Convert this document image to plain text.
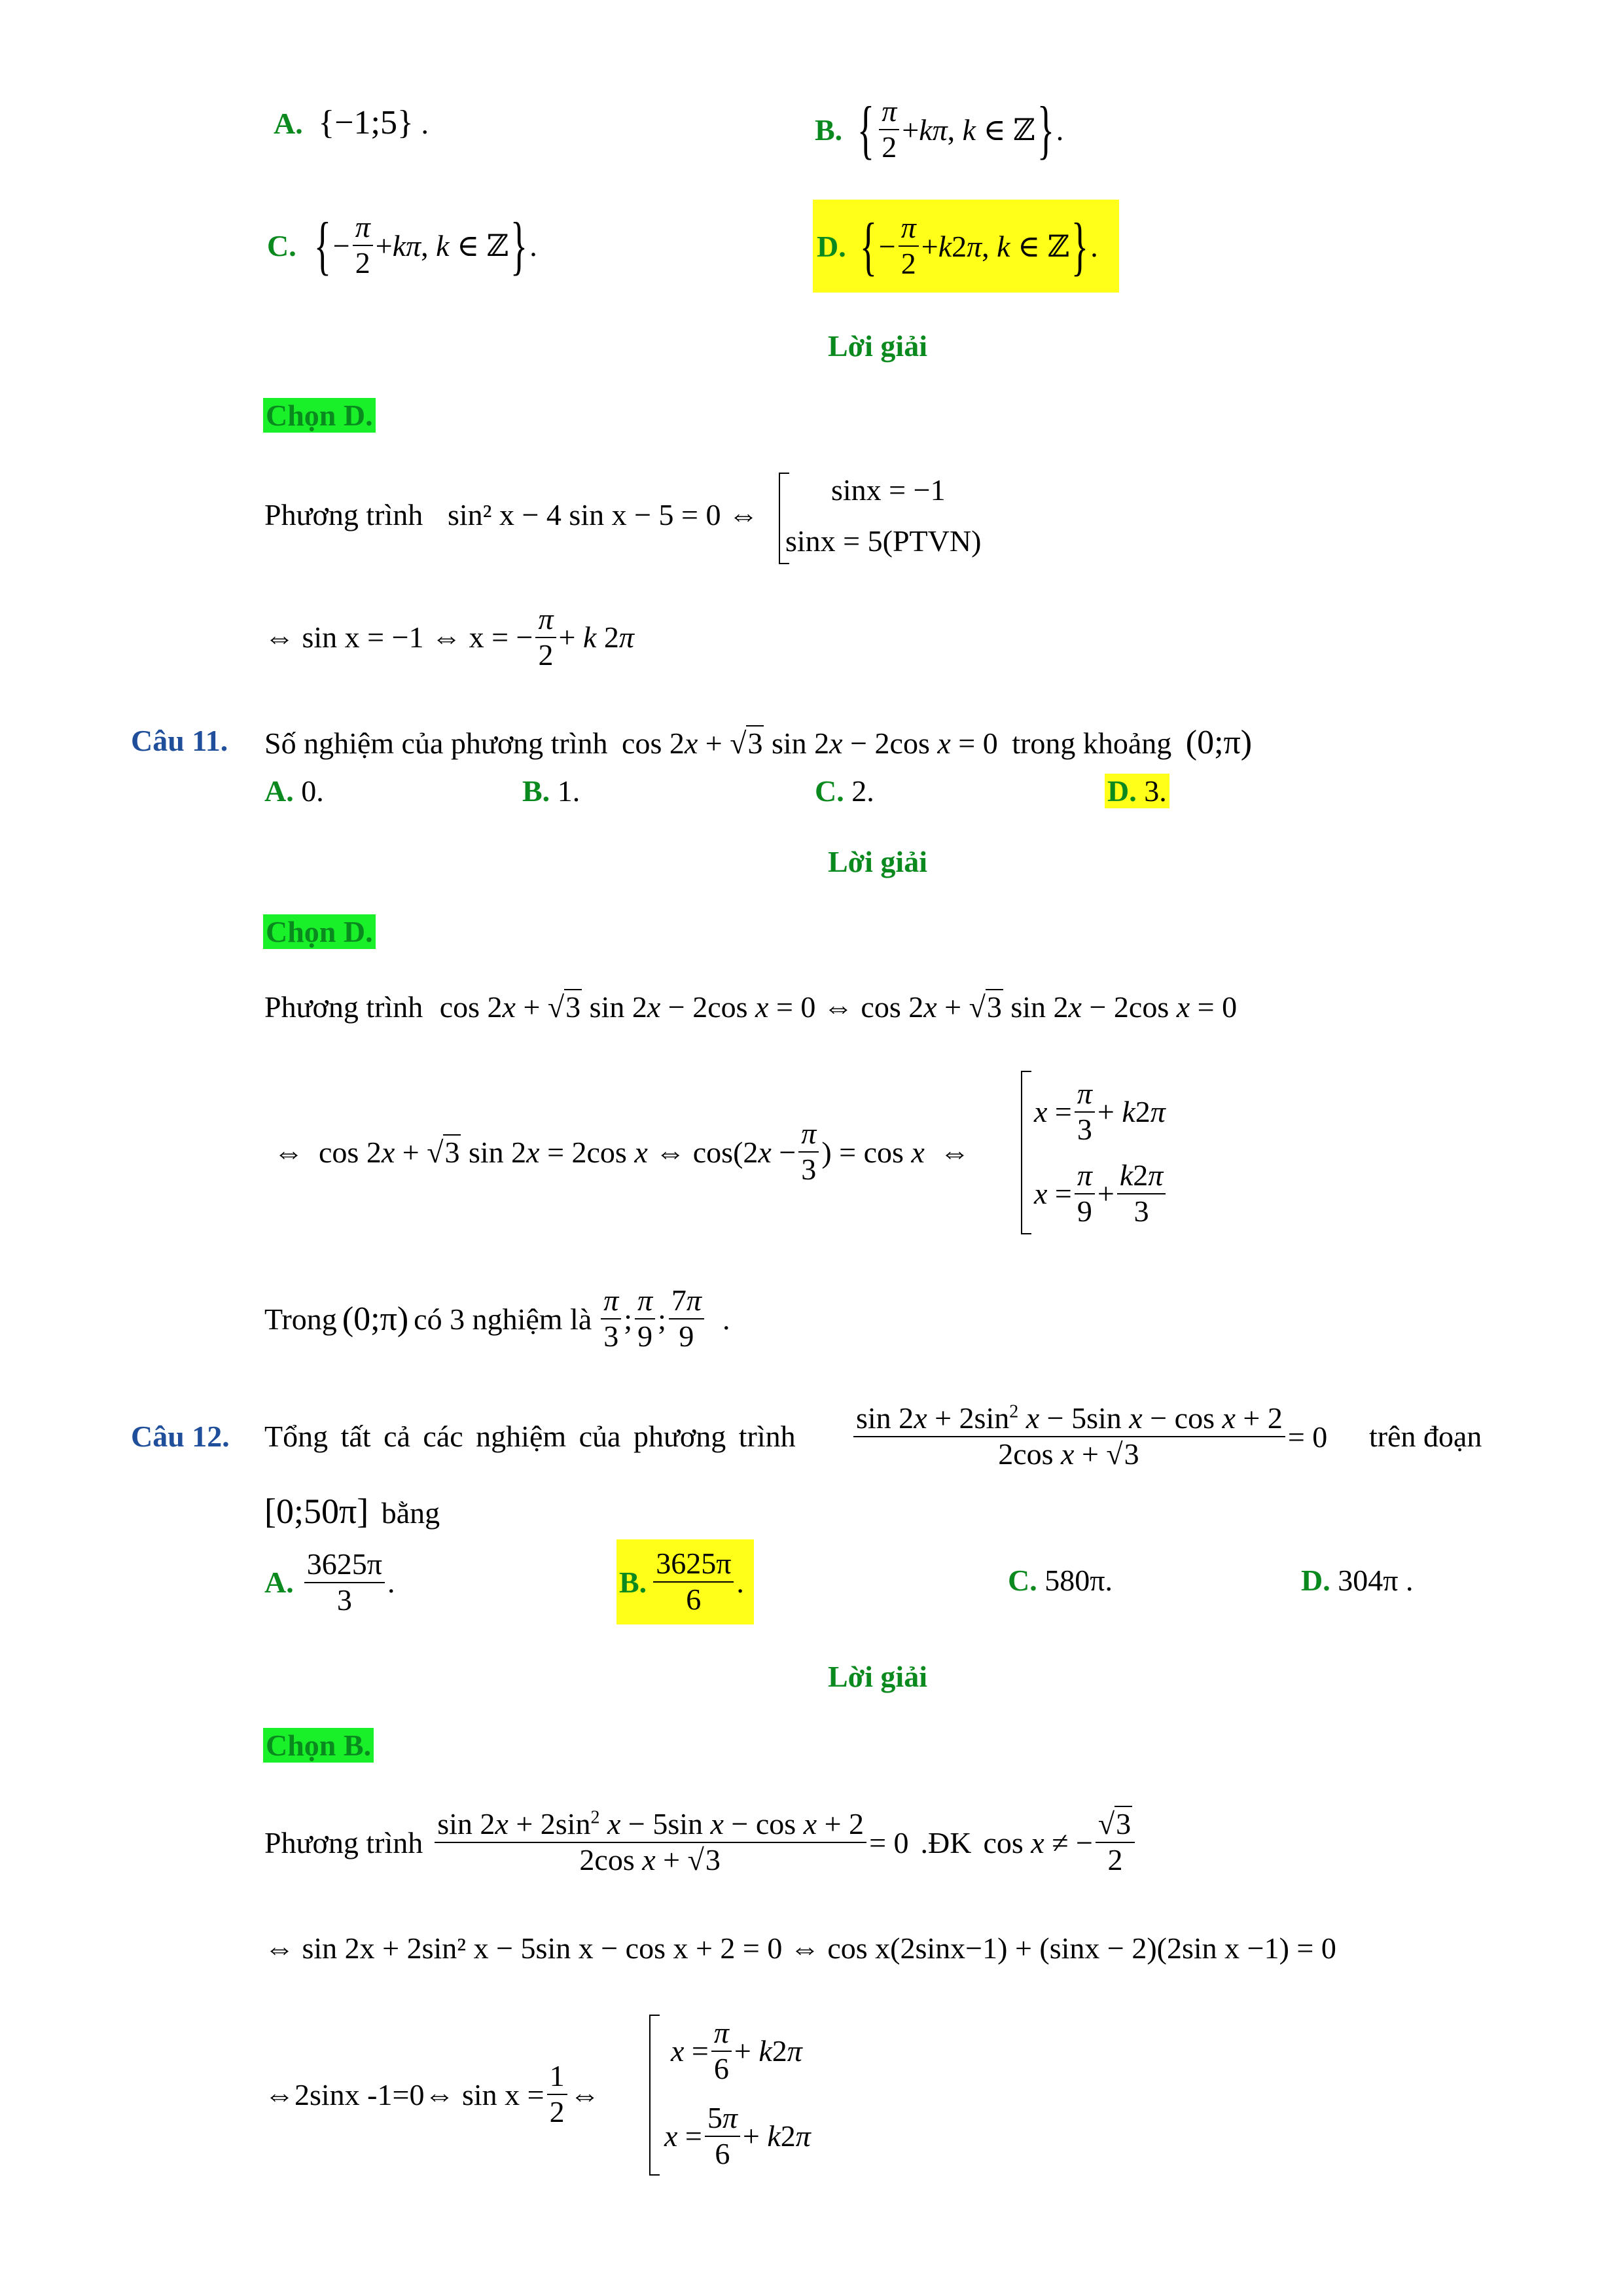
A. {−1;5} .	B. { $\frac{\pi}{2} +k\pi$, k ∈ ℤ } .
C. { − $\frac{\pi}{2} +k\pi$, k ∈ ℤ } .	D. { − $\frac{\pi}{2} +k2\pi$, k ∈ ℤ } .
Lời giải
Chọn D.
Phương trình sin² x − 4 sin x − 5 = 0 ⇔
sinx = −1
sinx = 5(PTVN)
⇔ sin x = −1 ⇔ x = − $\frac{\pi}{2} + k$ 2π
Câu 11. Số nghiệm của phương trình cos 2x + √3 sin 2x − 2cos x = 0 trong khoảng (0;π)
A. 0.	B. 1.	C. 2.	D. 3.
Lời giải
Chọn D.
Phương trình cos 2x + √3 sin 2x − 2cos x = 0 ⇔ cos 2x + √3 sin 2x − 2cos x = 0
⇔  cos 2x + √3 sin 2x = 2cos x ⇔ $\cos(2x - \frac{\pi}{3}$ ) = cos x  ⇔
$x = \frac{\pi}{3} + k2\pi$
$x = \frac{\pi}{9} + \frac{k2\pi}{3}$
Trong (0;π) có 3 nghiệm là $\frac{\pi}{3}$ ; $\frac{\pi}{9}$ ; $\frac{7\pi}{9}$ .
Câu 12. Tổng tất cả các nghiệm của phương trình $\frac{\sin 2x + 2\sin^2 x - 5\sin x - \cos x + 2}{\text{2cos x + √3}} = 0$ trên đoạn
[0;50π] bằng
A. $\frac{3625\pi}{3}$ .	B. $\frac{3625\pi}{6}$ .	C. 580π.	D. 304π .
Lời giải
Chọn B.
Phương trình $\frac{\sin 2x + 2\sin^2 x - 5\sin x - \cos x + 2}{\text{2cos x + √3}} = 0$ .ĐK cos x ≠ − $\frac{√3}{2}$
⇔ sin 2x + 2sin² x − 5sin x − cos x + 2 = 0 ⇔ cos x(2sinx−1) + (sinx − 2)(2sin x −1) = 0
⇔2sinx -1=0⇔ $\sin x = \frac{1}{2}$ ⇔
$x = \frac{\pi}{6} + k2\pi$
$x = \frac{5\pi}{6} + k2\pi$
